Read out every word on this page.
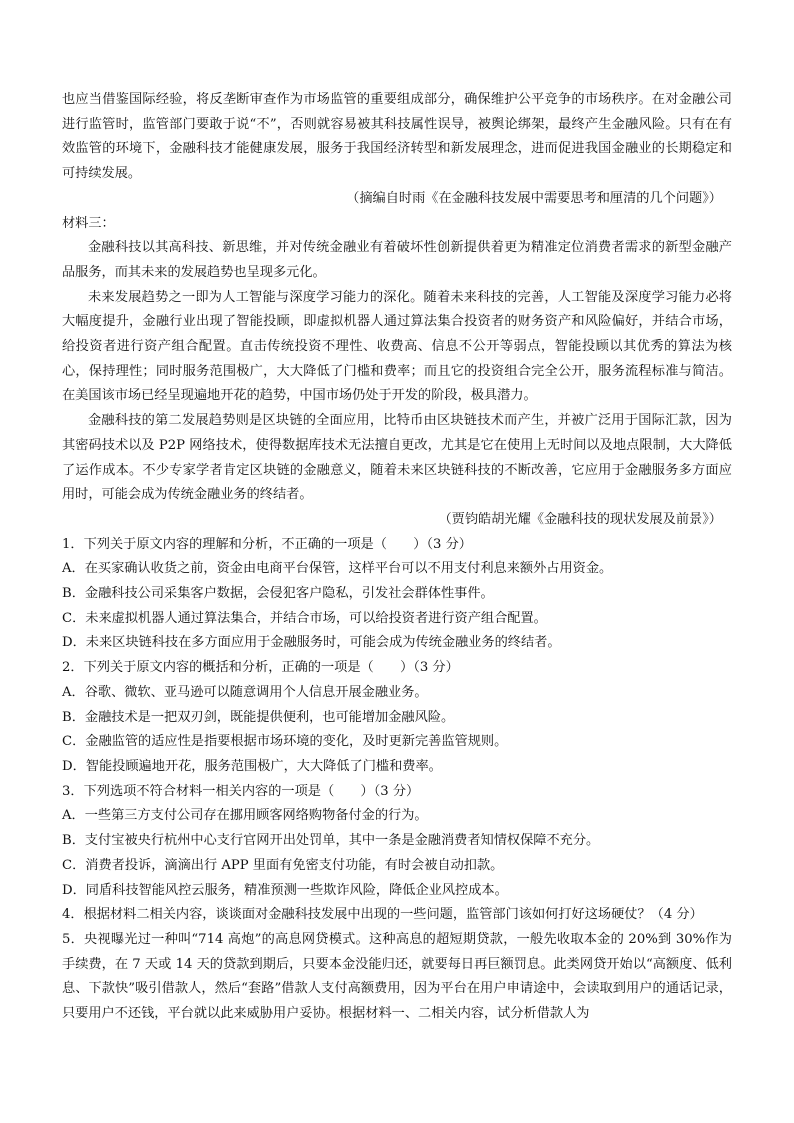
也应当借鉴国际经验，将反垄断审查作为市场监管的重要组成部分，确保维护公平竞争的市场秩序。在对金融公司进行监管时，监管部门要敢于说“不”，否则就容易被其科技属性误导，被舆论绑架，最终产生金融风险。只有在有效监管的环境下，金融科技才能健康发展，服务于我国经济转型和新发展理念，进而促进我国金融业的长期稳定和可持续发展。

（摘编自时雨《在金融科技发展中需要思考和厘清的几个问题》）

材料三：

金融科技以其高科技、新思维，并对传统金融业有着破坏性创新提供着更为精准定位消费者需求的新型金融产品服务，而其未来的发展趋势也呈现多元化。

未来发展趋势之一即为人工智能与深度学习能力的深化。随着未来科技的完善，人工智能及深度学习能力必将大幅度提升，金融行业出现了智能投顾，即虚拟机器人通过算法集合投资者的财务资产和风险偏好，并结合市场，给投资者进行资产组合配置。直击传统投资不理性、收费高、信息不公开等弱点，智能投顾以其优秀的算法为核心，保持理性；同时服务范围极广，大大降低了门槛和费率；而且它的投资组合完全公开，服务流程标准与简洁。在美国该市场已经呈现遍地开花的趋势，中国市场仍处于开发的阶段，极具潜力。

金融科技的第二发展趋势则是区块链的全面应用，比特币由区块链技术而产生，并被广泛用于国际汇款，因为其密码技术以及 P2P 网络技术，使得数据库技术无法擅自更改，尤其是它在使用上无时间以及地点限制，大大降低了运作成本。不少专家学者肯定区块链的金融意义，随着未来区块链科技的不断改善，它应用于金融服务多方面应用时，可能会成为传统金融业务的终结者。

（贾钧皓胡光耀《金融科技的现状发展及前景》）

1．下列关于原文内容的理解和分析，不正确的一项是（　　）（3 分）

A．在买家确认收货之前，资金由电商平台保管，这样平台可以不用支付利息来额外占用资金。

B．金融科技公司采集客户数据，会侵犯客户隐私，引发社会群体性事件。

C．未来虚拟机器人通过算法集合，并结合市场，可以给投资者进行资产组合配置。

D．未来区块链科技在多方面应用于金融服务时，可能会成为传统金融业务的终结者。

2．下列关于原文内容的概括和分析，正确的一项是（　　）（3 分）

A．谷歌、微软、亚马逊可以随意调用个人信息开展金融业务。

B．金融技术是一把双刃剑，既能提供便利，也可能增加金融风险。

C．金融监管的适应性是指要根据市场环境的变化，及时更新完善监管规则。

D．智能投顾遍地开花，服务范围极广，大大降低了门槛和费率。

3．下列选项不符合材料一相关内容的一项是（　　）（3 分）

A．一些第三方支付公司存在挪用顾客网络购物备付金的行为。

B．支付宝被央行杭州中心支行官网开出处罚单，其中一条是金融消费者知情权保障不充分。

C．消费者投诉，滴滴出行 APP 里面有免密支付功能，有时会被自动扣款。

D．同盾科技智能风控云服务，精准预测一些欺诈风险，降低企业风控成本。

4．根据材料二相关内容，谈谈面对金融科技发展中出现的一些问题，监管部门该如何打好这场硬仗？（4 分）

5．央视曝光过一种叫“714 高炮”的高息网贷模式。这种高息的超短期贷款，一般先收取本金的 20%到 30%作为手续费，在 7 天或 14 天的贷款到期后，只要本金没能归还，就要每日再巨额罚息。此类网贷开始以“高额度、低利息、下款快”吸引借款人，然后“套路”借款人支付高额费用，因为平台在用户申请途中，会读取到用户的通话记录，只要用户不还钱，平台就以此来威胁用户妥协。根据材料一、二相关内容，试分析借款人为
